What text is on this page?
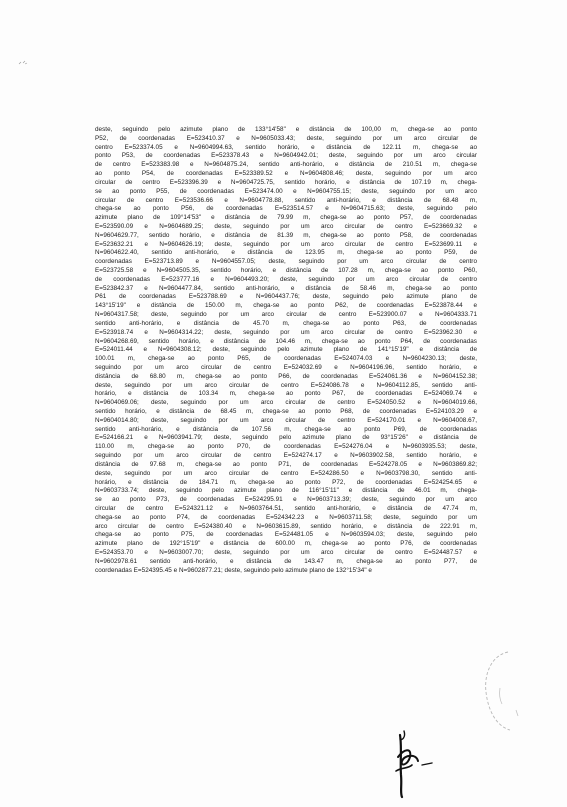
deste, seguindo pelo azimute plano de 133°14'58" e distância de 100,00 m, chega-se ao ponto
P52, de coordenadas E=523410.37 e N=9605033.43; deste, seguindo por um arco circular de
centro E=523374.05 e N=9604994.63, sentido horário, e distância de 122.11 m, chega-se ao
ponto P53, de coordenadas E=523378.43 e N=9604942.01; deste, seguindo por um arco circular
de centro E=523383.98 e N=9604875.24, sentido anti-horário, e distância de 210.51 m, chega-se
ao ponto P54, de coordenadas E=523389.52 e N=9604808.46; deste, seguindo por um arco
circular de centro E=523396.39 e N=9604725.75, sentido horário, e distância de 107.19 m, chega-
se ao ponto P55, de coordenadas E=523474.00 e N=9604755.15; deste, seguindo por um arco
circular de centro E=523536.66 e N=9604778.88, sentido anti-horário, e distância de 68.48 m,
chega-se ao ponto P56, de coordenadas E=523514.57 e N=9604715.63; deste, seguindo pelo
azimute plano de 109°14'53" e distância de 79.99 m, chega-se ao ponto P57, de coordenadas
E=523590.09 e N=9604689.25; deste, seguindo por um arco circular de centro E=523669.32 e
N=9604629.77, sentido horário, e distância de 81.39 m, chega-se ao ponto P58, de coordenadas
E=523632.21 e N=9604626.19; deste, seguindo por um arco circular de centro E=523699.11 e
N=9604622.40, sentido anti-horário, e distância de 123.95 m, chega-se ao ponto P59, de
coordenadas E=523713.89 e N=9604557.05; deste, seguindo por um arco circular de centro
E=523725.58 e N=9604505.35, sentido horário, e distância de 107.28 m, chega-se ao ponto P60,
de coordenadas E=523777.16 e N=9604493.20; deste, seguindo por um arco circular de centro
E=523842.37 e N=9604477.84, sentido anti-horário, e distância de 58.46 m, chega-se ao ponto
P61 de coordenadas E=523788.69 e N=9604437.76; deste, seguindo pelo azimute plano de
143°15'19" e distância de 150.00 m, chega-se ao ponto P62, de coordenadas E=523878.44 e
N=9604317.58; deste, seguindo por um arco circular de centro E=523900.07 e N=9604333.71
sentido anti-horário, e distância de 45.70 m, chega-se ao ponto P63, de coordenadas
E=523918.74 e N=9604314.22; deste, seguindo por um arco circular de centro E=523962.30 e
N=9604268.69, sentido horário, e distância de 104.46 m, chega-se ao ponto P64, de coordenadas
E=524011.44 e N=9604308.12; deste, seguindo pelo azimute plano de 141°15'19" e distância de
100.01 m, chega-se ao ponto P65, de coordenadas E=524074.03 e N=9604230.13; deste,
seguindo por um arco circular de centro E=524032.69 e N=9604196.96, sentido horário, e
distância de 68.80 m, chega-se ao ponto P66, de coordenadas E=524061.36 e N=9604152.38;
deste, seguindo por um arco circular de centro E=524086.78 e N=9604112.85, sentido anti-
horário, e distância de 103.34 m, chega-se ao ponto P67, de coordenadas E=524069.74 e
N=9604069.06; deste, seguindo por um arco circular de centro E=524050.52 e N=9604019.66,
sentido horário, e distância de 68.45 m, chega-se ao ponto P68, de coordenadas E=524103.29 e
N=9604014.80; deste, seguindo por um arco circular de centro E=524170.01 e N=9604008.67,
sentido anti-horário, e distância de 107.56 m, chega-se ao ponto P69, de coordenadas
E=524166.21 e N=9603941.79; deste, seguindo pelo azimute plano de 93°15'26" e distância de
110.00 m, chega-se ao ponto P70, de coordenadas E=524276.04 e N=9603935.53; deste,
seguindo por um arco circular de centro E=524274.17 e N=9603902.58, sentido horário, e
distância de 97.68 m, chega-se ao ponto P71, de coordenadas E=524278.05 e N=9603869.82;
deste, seguindo por um arco circular de centro E=524286.50 e N=9603798.30, sentido anti-
horário, e distância de 184.71 m, chega-se ao ponto P72, de coordenadas E=524254.65 e
N=9603733.74; deste, seguindo pelo azimute plano de 116°15'11" e distância de 46.01 m, chega-
se ao ponto P73, de coordenadas E=524295.91 e N=9603713.39; deste, seguindo por um arco
circular de centro E=524321.12 e N=9603764.51, sentido anti-horário, e distância de 47.74 m,
chega-se ao ponto P74, de coordenadas E=524342.23 e N=9603711.58; deste, seguindo por um
arco circular de centro E=524380.40 e N=9603615.89, sentido horário, e distância de 222.91 m,
chega-se ao ponto P75, de coordenadas E=524481.05 e N=9603594.03; deste, seguindo pelo
azimute plano de 192°15'19" e distância de 600.00 m, chega-se ao ponto P76, de coordenadas
E=524353.70 e N=9603007.70; deste, seguindo por um arco circular de centro E=524487.57 e
N=9602978.61 sentido anti-horário, e distância de 143.47 m, chega-se ao ponto P77, de
coordenadas E=524395.45 e N=9602877.21; deste, seguindo pelo azimute plano de 132°15'34" e
